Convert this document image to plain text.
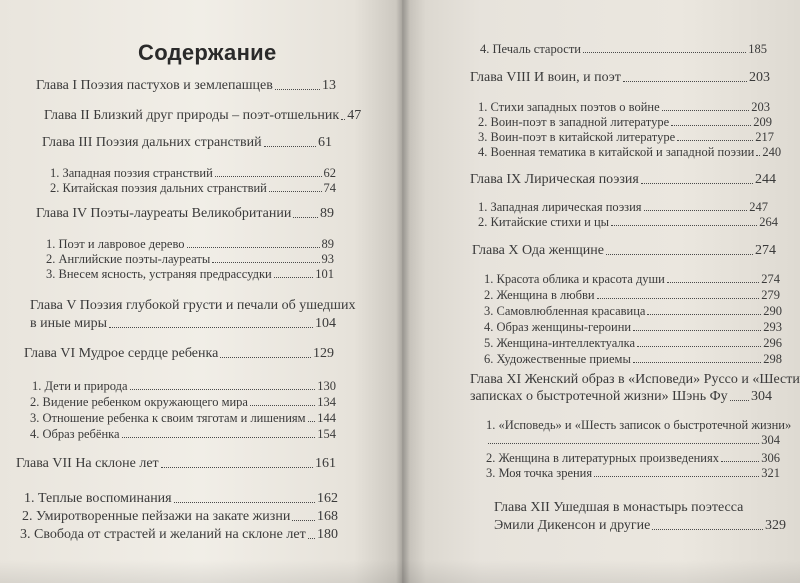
Содержание
Глава I Поэзия пастухов и землепашцев	13
Глава II Близкий друг природы – поэт-отшельник 47
Глава III Поэзия дальних странствий	61
1. Западная поэзия странствий	62
2. Китайская поэзия дальних странствий	74
Глава IV Поэты-лауреаты Великобритании 89
1. Поэт и лавровое дерево	89
2. Английские поэты-лауреаты	93
3. Внесем ясность, устраняя предрассудки	101
Глава V Поэзия глубокой грусти и печали об ушедших
в иные миры	104
Глава VI Мудрое сердце ребенка	129
1. Дети и природа	130
2. Видение ребенком окружающего мира	134
3. Отношение ребенка к своим тяготам и лишениям 144
4. Образ ребёнка	154
Глава VII На склоне лет	161
1. Теплые воспоминания	162
2. Умиротворенные пейзажи на закате жизни 168
3. Свобода от страстей и желаний на склоне лет 180
4. Печаль старости	185
Глава VIII И воин, и поэт	203
1. Стихи западных поэтов о войне	203
2. Воин-поэт в западной литературе	209
3. Воин-поэт в китайской литературе	217
4. Военная тематика в китайской и западной поэзии 240
Глава IX Лирическая поэзия	244
1. Западная лирическая поэзия	247
2. Китайские стихи и цы	264
Глава X Ода женщине	274
1. Красота облика и красота души	274
2. Женщина в любви	279
3. Самовлюбленная красавица	290
4. Образ женщины-героини	293
5. Женщина-интеллектуалка	296
6. Художественные приемы	298
Глава XI Женский образ в «Исповеди» Руссо и «Шести
записках о быстротечной жизни» Шэнь Фу 304
1. «Исповедь» и «Шесть записок о быстротечной жизни»
304
2. Женщина в литературных произведениях	306
3. Моя точка зрения	321
Глава XII Ушедшая в монастырь поэтесса
Эмили Дикенсон и другие	329
